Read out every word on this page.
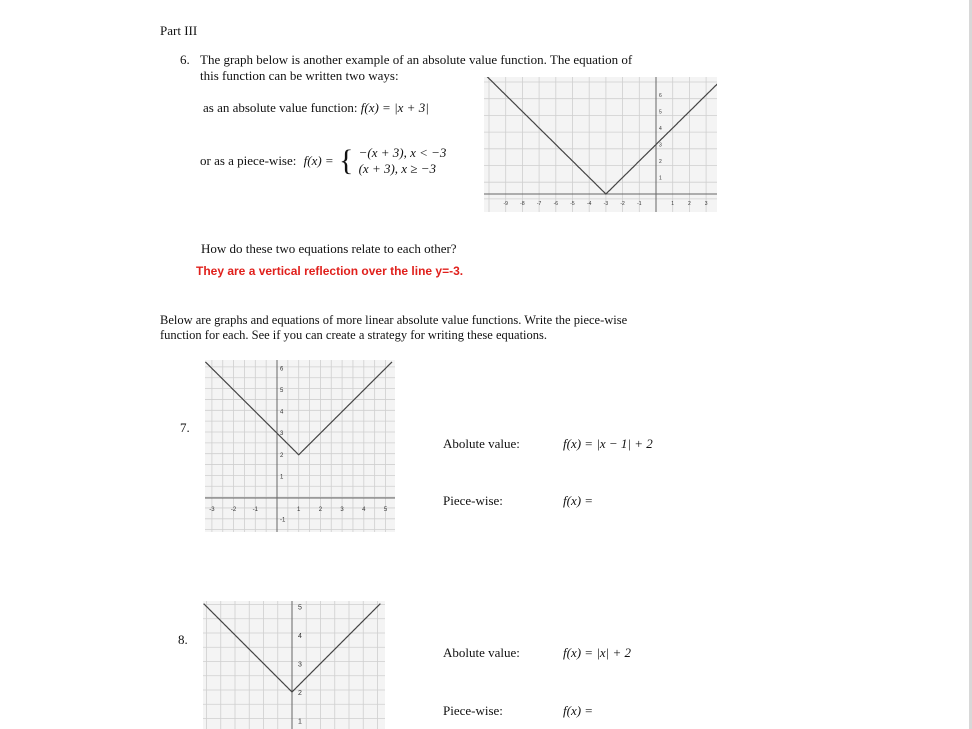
Part III
6. The graph below is another example of an absolute value function. The equation of
this function can be written two ways:
as an absolute value function: f(x) = |x + 3|
or as a piece-wise: f(x) = { −(x + 3), x < −3
(x + 3), x ≥ −3
-9 -8 -7 -6 -5 -4 -3 -2 -1	1	2	3
6
5
4
3
2
1
How do these two equations relate to each other?
They are a vertical reflection over the line y=-3.
Below are graphs and equations of more linear absolute value functions. Write the piece-wise
function for each. See if you can create a strategy for writing these equations.
7.
-3	-2	-1	1	2	3	4	5
6
5
4
3
2
1
-1
Abolute value:	f(x) = |x − 1| + 2
Piece-wise:	f(x) =
8.
5
4
3
2
1
Abolute value:	f(x) = |x| + 2
Piece-wise:	f(x) =
